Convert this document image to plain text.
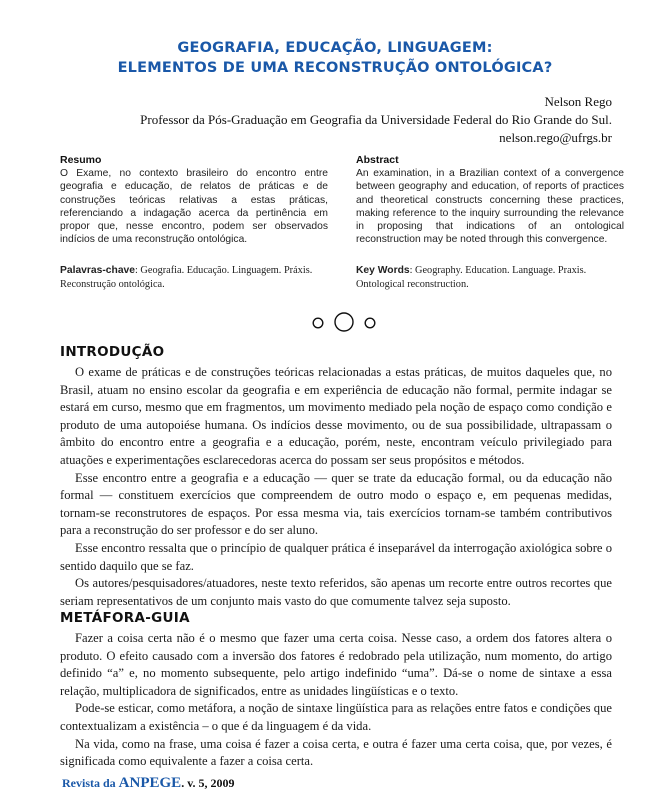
GEOGRAFIA, EDUCAÇÃO, LINGUAGEM:
ELEMENTOS DE UMA RECONSTRUÇÃO ONTOLÓGICA?
Nelson Rego
Professor da Pós-Graduação em Geografia da Universidade Federal do Rio Grande do Sul.
nelson.rego@ufrgs.br
Resumo

O Exame, no contexto brasileiro do encontro entre geografia e educação, de relatos de práticas e de construções teóricas relativas a estas práticas, referenciando a indagação acerca da pertinência em propor que, nesse encontro, podem ser observados indícios de uma reconstrução ontológica.

Palavras-chave: Geografia. Educação. Linguagem. Práxis. Reconstrução ontológica.
Abstract

An examination, in a Brazilian context of a convergence between geography and education, of reports of practices and theoretical constructs concerning these practices, making reference to the inquiry surrounding the relevance in proposing that indications of an ontological reconstruction may be noted through this convergence.

Key Words: Geography. Education. Language. Praxis. Ontological reconstruction.
INTRODUÇÃO

O exame de práticas e de construções teóricas relacionadas a estas práticas, de muitos daqueles que, no Brasil, atuam no ensino escolar da geografia e em experiência de educação não formal, permite indagar se estará em curso, mesmo que em fragmentos, um movimento mediado pela noção de espaço como condição e produto de uma autopoiése humana. Os indícios desse movimento, ou de sua possibilidade, ultrapassam o âmbito do encontro entre a geografia e a educação, porém, neste, encontram veículo privilegiado para atuações e experimentações esclarecedoras acerca do possam ser seus propósitos e métodos.

Esse encontro entre a geografia e a educação — quer se trate da educação formal, ou da educação não formal — constituem exercícios que compreendem de outro modo o espaço e, em pequenas medidas, tornam-se reconstrutores de espaços. Por essa mesma via, tais exercícios tornam-se também contributivos para a reconstrução do ser professor e do ser aluno.

Esse encontro ressalta que o princípio de qualquer prática é inseparável da interrogação axiológica sobre o sentido daquilo que se faz.

Os autores/pesquisadores/atuadores, neste texto referidos, são apenas um recorte entre outros recortes que seriam representativos de um conjunto mais vasto do que comumente talvez seja suposto.

METÁFORA-GUIA

Fazer a coisa certa não é o mesmo que fazer uma certa coisa. Nesse caso, a ordem dos fatores altera o produto. O efeito causado com a inversão dos fatores é redobrado pela utilização, num momento, do artigo definido “a” e, no momento subsequente, pelo artigo indefinido “uma”. Dá-se o nome de sintaxe a essa relação, multiplicadora de significados, entre as unidades lingüísticas e o texto.

Pode-se esticar, como metáfora, a noção de sintaxe lingüística para as relações entre fatos e condições que contextualizam a existência – o que é da linguagem é da vida.

Na vida, como na frase, uma coisa é fazer a coisa certa, e outra é fazer uma certa coisa, que, por vezes, é significada como equivalente a fazer a coisa certa.

Revista da ANPEGE. v. 5, 2009
